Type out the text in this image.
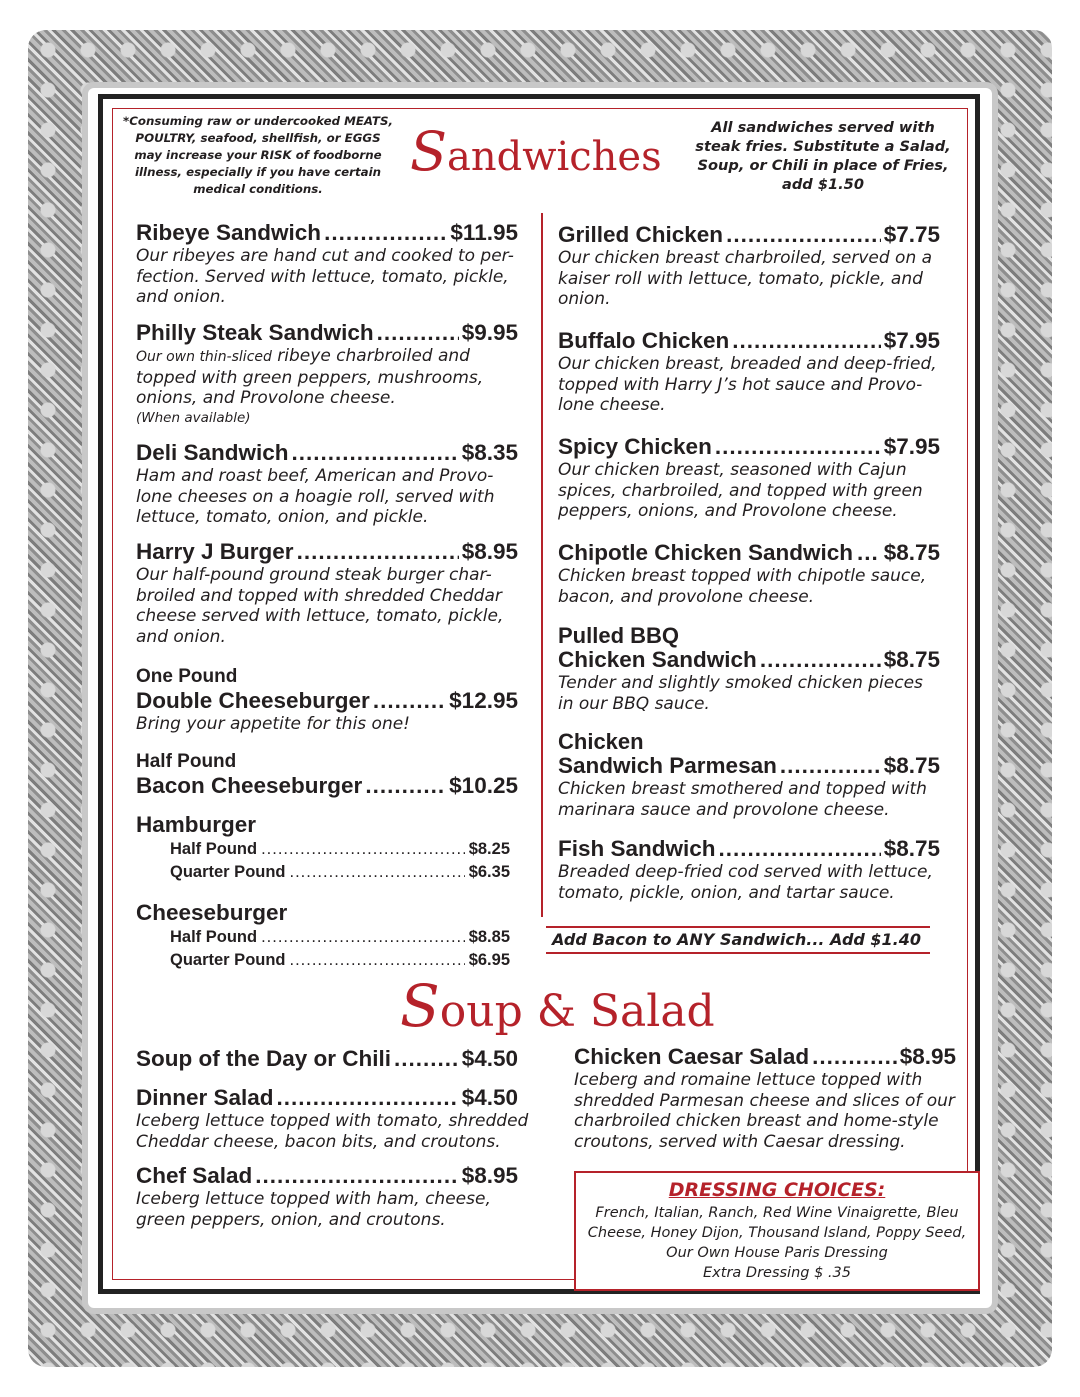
*Consuming raw or undercooked MEATS, POULTRY, seafood, shellfish, or EGGS may increase your RISK of foodborne illness, especially if you have certain medical conditions.
Sandwiches
All sandwiches served with steak fries. Substitute a Salad, Soup, or Chili in place of Fries, add $1.50
Ribeye Sandwich .....	$11.95
Our ribeyes are hand cut and cooked to per-fection. Served with lettuce, tomato, pickle, and onion.
Philly Steak Sandwich .....	$9.95
Our own thin-sliced ribeye charbroiled and topped with green peppers, mushrooms, onions, and Provolone cheese.
(When available)
Deli Sandwich .....	$8.35
Ham and roast beef, American and Provo-lone cheeses on a hoagie roll, served with lettuce, tomato, onion, and pickle.
Harry J Burger .....	$8.95
Our half-pound ground steak burger char-broiled and topped with shredded Cheddar cheese served with lettuce, tomato, pickle, and onion.
One Pound
Double Cheeseburger .....	$12.95
Bring your appetite for this one!
Half Pound
Bacon Cheeseburger .....	$10.25
Hamburger
Half Pound .....	$8.25
Quarter Pound .....	$6.35
Cheeseburger
Half Pound .....	$8.85
Quarter Pound .....	$6.95
Grilled Chicken .....	$7.75
Our chicken breast charbroiled, served on a kaiser roll with lettuce, tomato, pickle, and onion.
Buffalo Chicken .....	$7.95
Our chicken breast, breaded and deep-fried, topped with Harry J’s hot sauce and Provo-lone cheese.
Spicy Chicken .....	$7.95
Our chicken breast, seasoned with Cajun spices, charbroiled, and topped with green peppers, onions, and Provolone cheese.
Chipotle Chicken Sandwich ..... $8.75
Chicken breast topped with chipotle sauce, bacon, and provolone cheese.
Pulled BBQ
Chicken Sandwich .....	$8.75
Tender and slightly smoked chicken pieces in our BBQ sauce.
Chicken
Sandwich Parmesan .....	$8.75
Chicken breast smothered and topped with marinara sauce and provolone cheese.
Fish Sandwich .....	$8.75
Breaded deep-fried cod served with lettuce, tomato, pickle, onion, and tartar sauce.
Add Bacon to ANY Sandwich... Add $1.40
Soup & Salad
Soup of the Day or Chili .....	$4.50
Dinner Salad .....	$4.50
Iceberg lettuce topped with tomato, shredded Cheddar cheese, bacon bits, and croutons.
Chef Salad .....	$8.95
Iceberg lettuce topped with ham, cheese, green peppers, onion, and croutons.
Chicken Caesar Salad .....	$8.95
Iceberg and romaine lettuce topped with shredded Parmesan cheese and slices of our charbroiled chicken breast and home-style croutons, served with Caesar dressing.
DRESSING CHOICES:
French, Italian, Ranch, Red Wine Vinaigrette, Bleu Cheese, Honey Dijon, Thousand Island, Poppy Seed, Our Own House Paris Dressing
Extra Dressing $ .35
